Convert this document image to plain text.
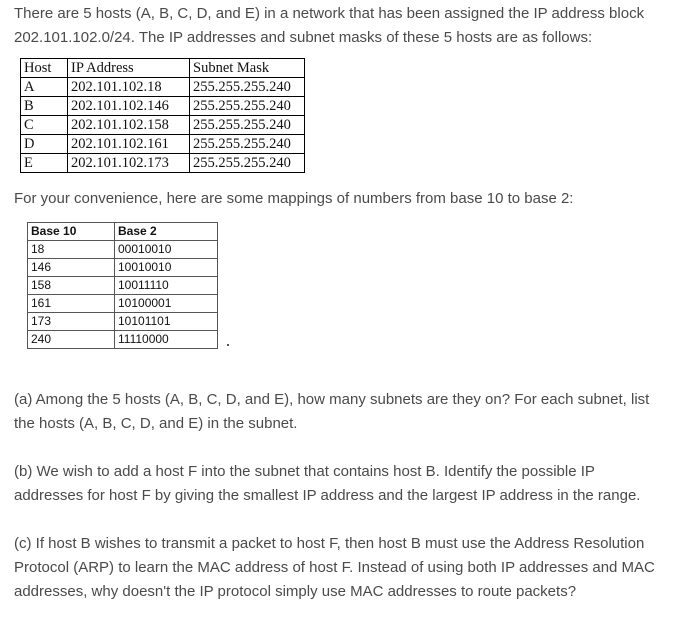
There are 5 hosts (A, B, C, D, and E) in a network that has been assigned the IP address block
202.101.102.0/24. The IP addresses and subnet masks of these 5 hosts are as follows:

Host	IP Address	Subnet Mask
A	202.101.102.18	255.255.255.240
B	202.101.102.146	255.255.255.240
C	202.101.102.158	255.255.255.240
D	202.101.102.161	255.255.255.240
E	202.101.102.173	255.255.255.240

For your convenience, here are some mappings of numbers from base 10 to base 2:

Base 10	Base 2
18	00010010
146	10010010
158	10011110
161	10100001
173	10101101
240	11110000

(a) Among the 5 hosts (A, B, C, D, and E), how many subnets are they on? For each subnet, list
the hosts (A, B, C, D, and E) in the subnet.

(b) We wish to add a host F into the subnet that contains host B. Identify the possible IP
addresses for host F by giving the smallest IP address and the largest IP address in the range.

(c) If host B wishes to transmit a packet to host F, then host B must use the Address Resolution
Protocol (ARP) to learn the MAC address of host F. Instead of using both IP addresses and MAC
addresses, why doesn't the IP protocol simply use MAC addresses to route packets?
